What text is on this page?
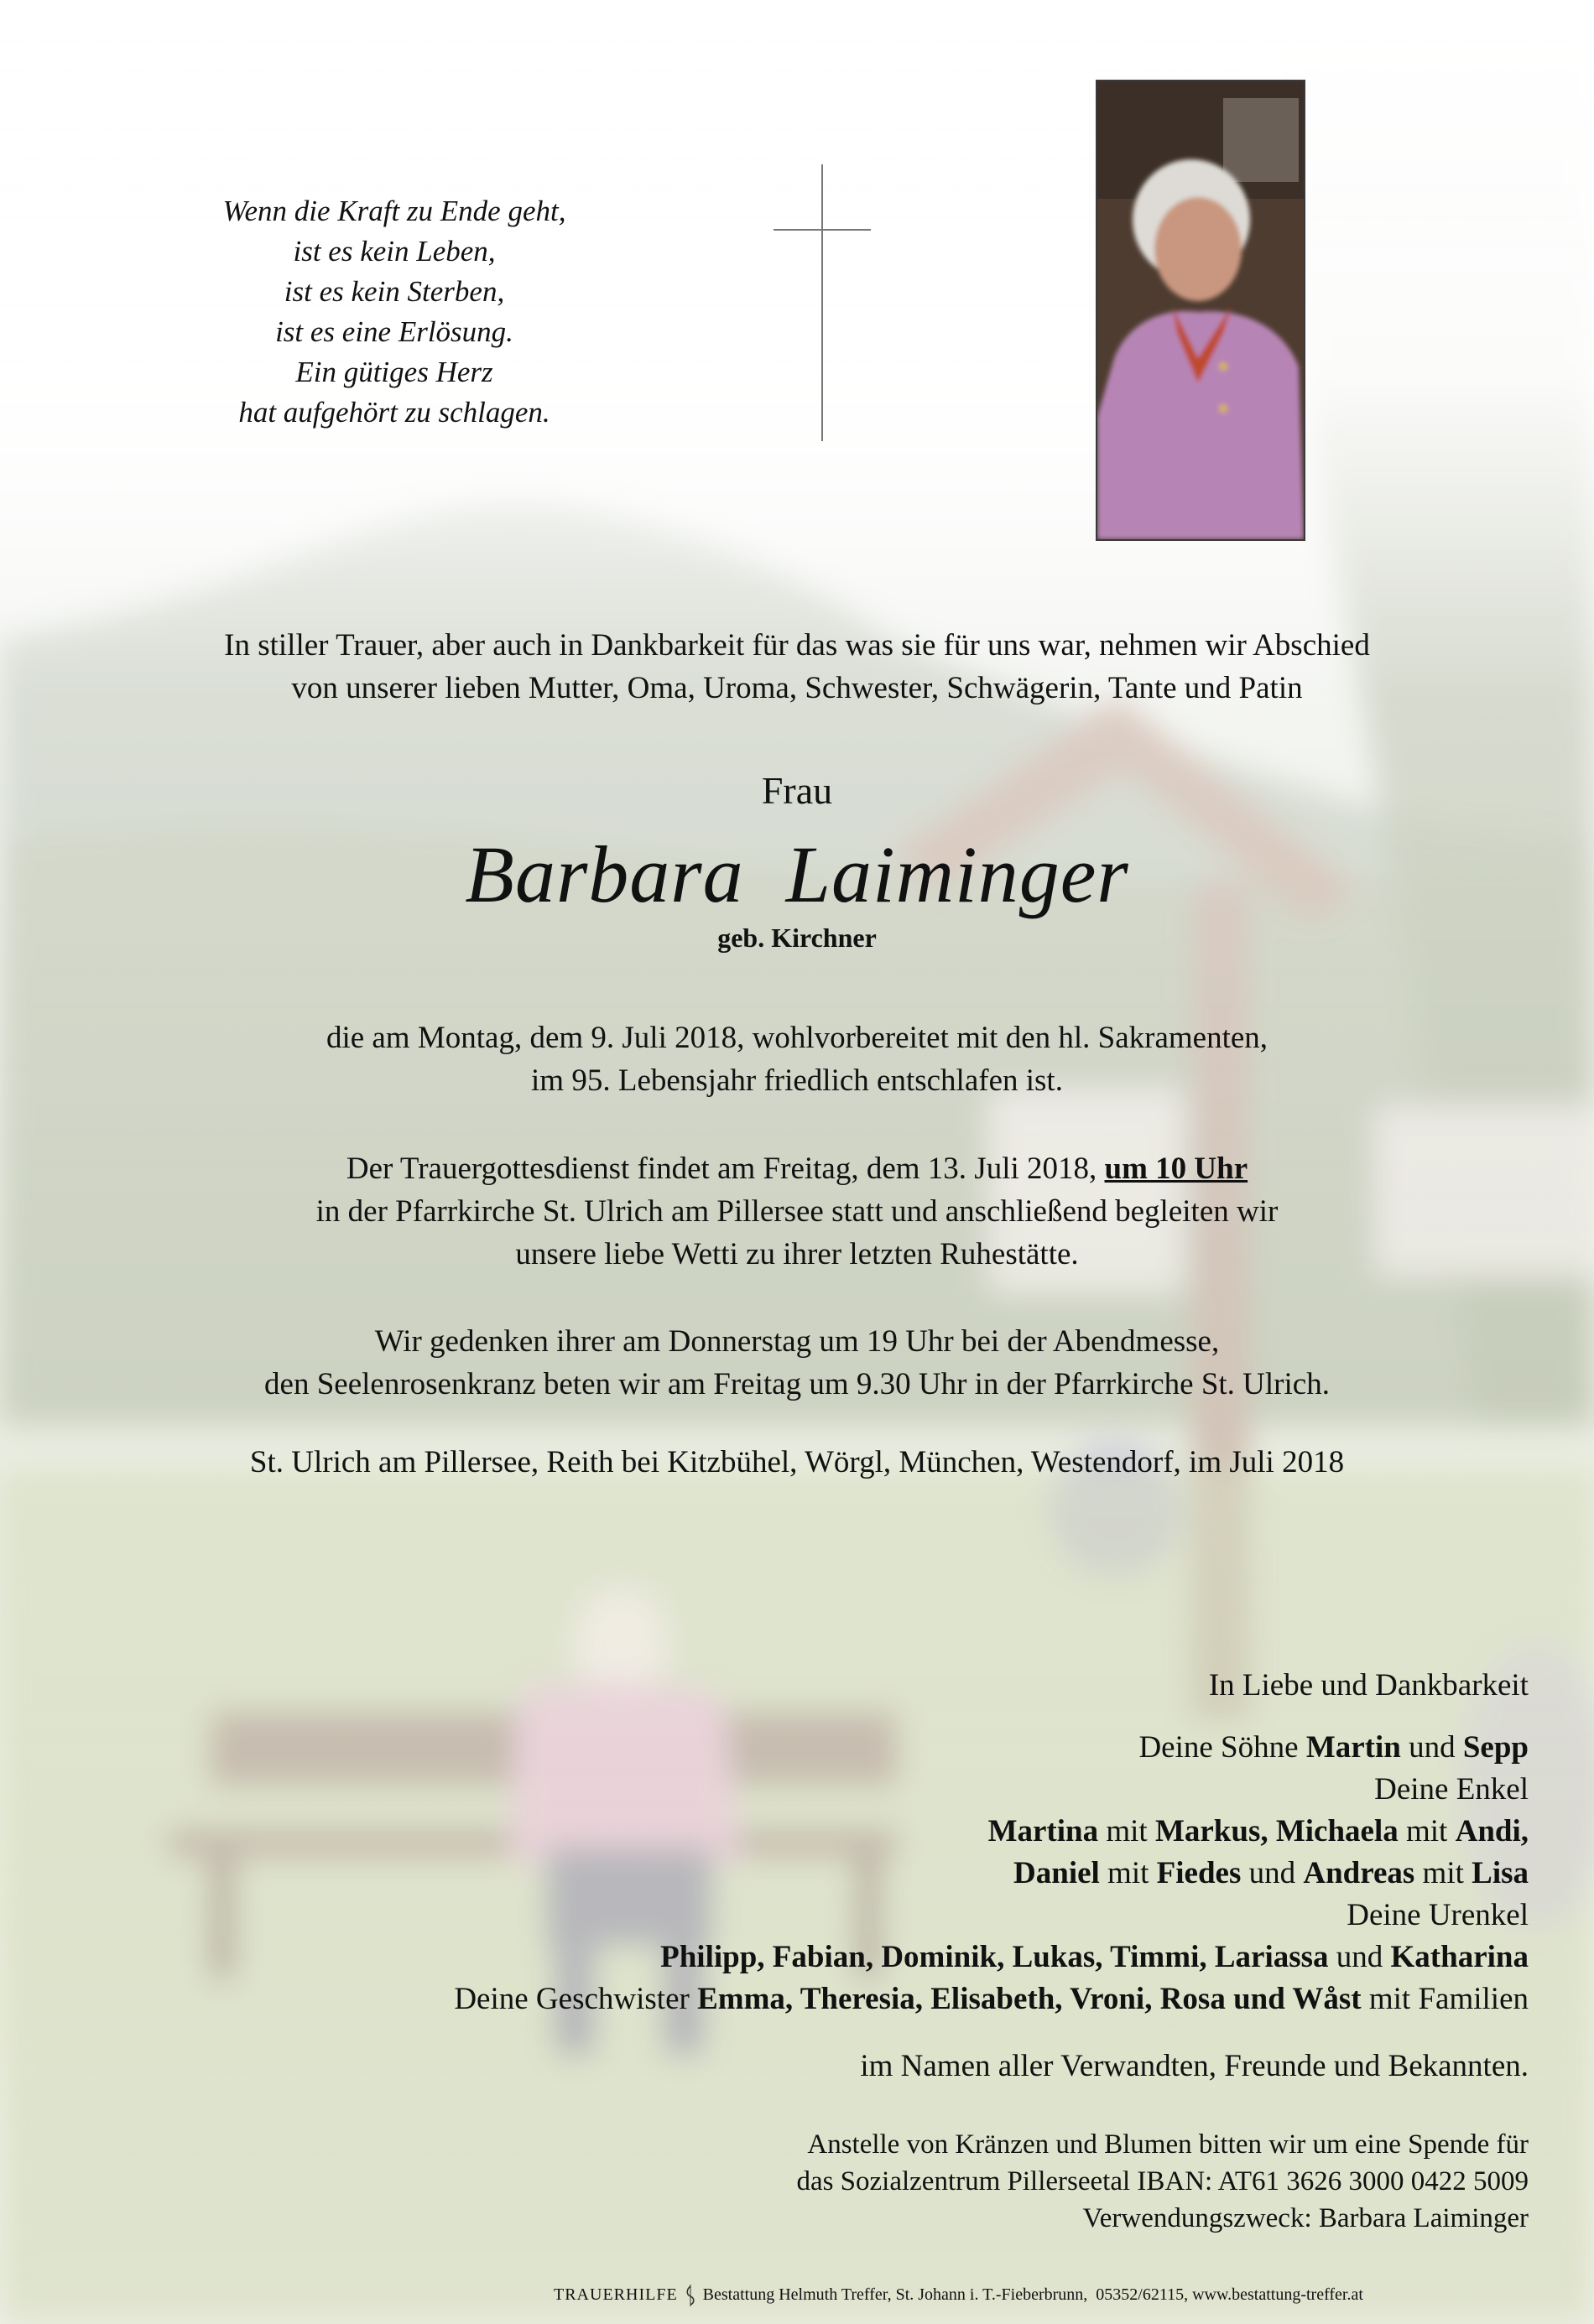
Wenn die Kraft zu Ende geht,
ist es kein Leben,
ist es kein Sterben,
ist es eine Erlösung.
Ein gütiges Herz
hat aufgehört zu schlagen.
In stiller Trauer, aber auch in Dankbarkeit für das was sie für uns war, nehmen wir Abschied
von unserer lieben Mutter, Oma, Uroma, Schwester, Schwägerin, Tante und Patin
Frau
Barbara  Laiminger
geb. Kirchner
die am Montag, dem 9. Juli 2018, wohlvorbereitet mit den hl. Sakramenten,
im 95. Lebensjahr friedlich entschlafen ist.
Der Trauergottesdienst findet am Freitag, dem 13. Juli 2018, um 10 Uhr
in der Pfarrkirche St. Ulrich am Pillersee statt und anschließend begleiten wir
unsere liebe Wetti zu ihrer letzten Ruhestätte.
Wir gedenken ihrer am Donnerstag um 19 Uhr bei der Abendmesse,
den Seelenrosenkranz beten wir am Freitag um 9.30 Uhr in der Pfarrkirche St. Ulrich.
St. Ulrich am Pillersee, Reith bei Kitzbühel, Wörgl, München, Westendorf, im Juli 2018
In Liebe und Dankbarkeit
Deine Söhne Martin und Sepp
Deine Enkel
Martina mit Markus, Michaela mit Andi,
Daniel mit Fiedes und Andreas mit Lisa
Deine Urenkel
Philipp, Fabian, Dominik, Lukas, Timmi, Lariassa und Katharina
Deine Geschwister Emma, Theresia, Elisabeth, Vroni, Rosa und Wåst mit Familien
im Namen aller Verwandten, Freunde und Bekannten.
Anstelle von Kränzen und Blumen bitten wir um eine Spende für
das Sozialzentrum Pillerseetal IBAN: AT61 3626 3000 0422 5009
Verwendungszweck: Barbara Laiminger
TRAUERHILFE Bestattung Helmuth Treffer, St. Johann i. T.-Fieberbrunn,  05352/62115, www.bestattung-treffer.at
